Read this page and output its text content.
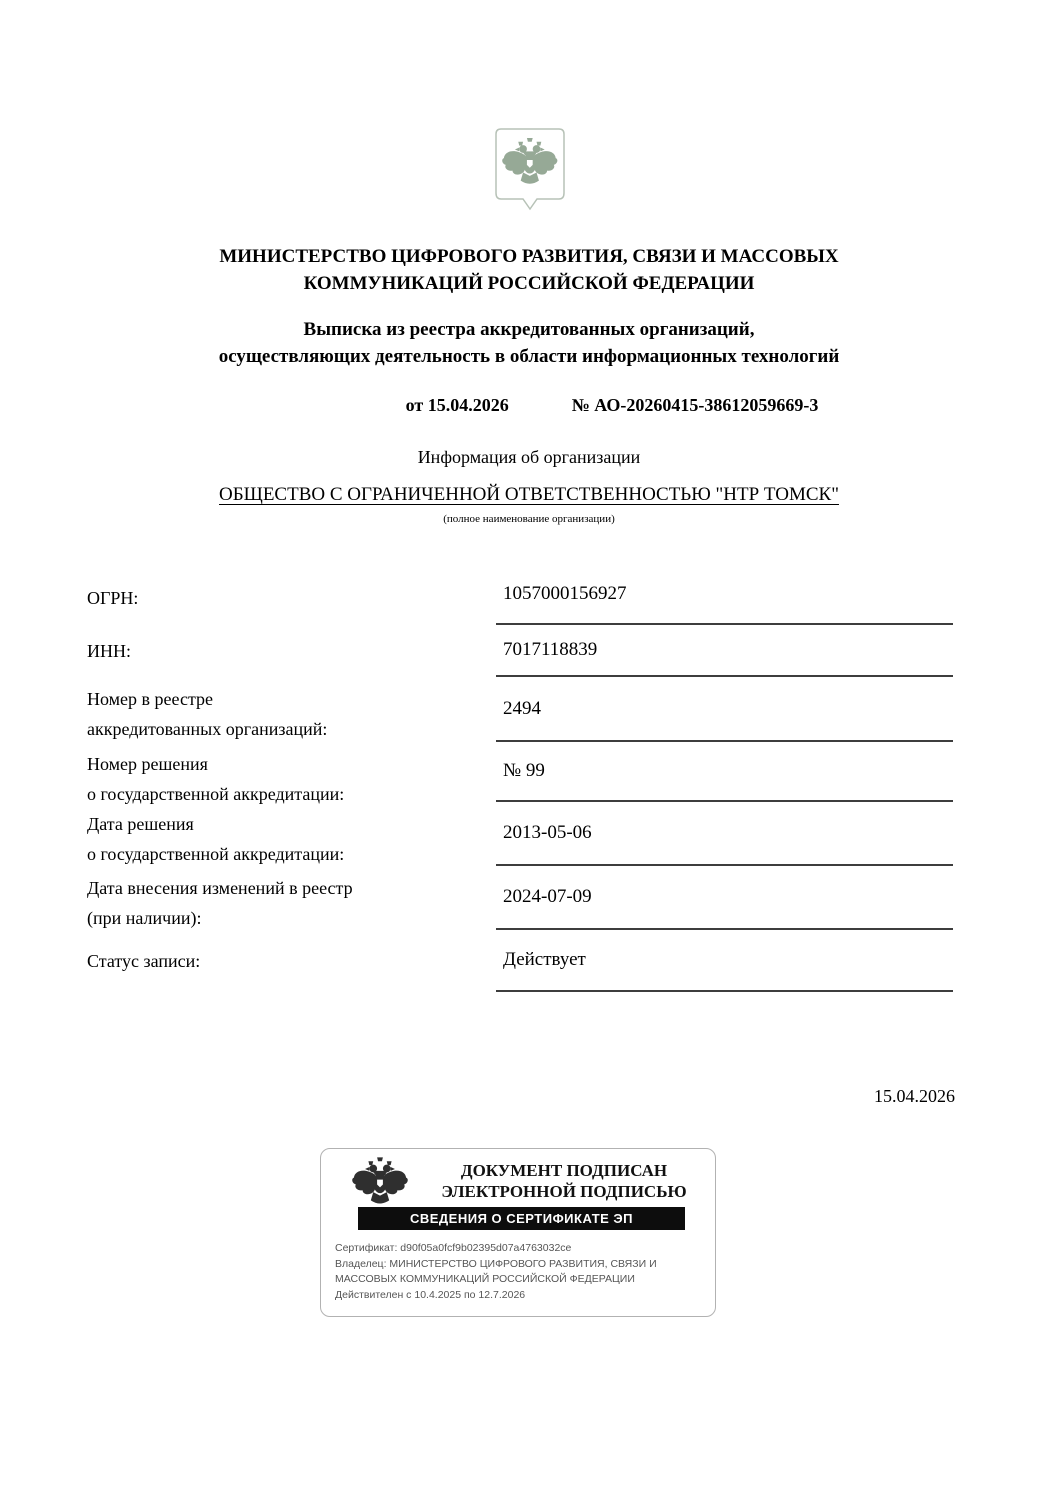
МИНИСТЕРСТВО ЦИФРОВОГО РАЗВИТИЯ, СВЯЗИ И МАССОВЫХ
КОММУНИКАЦИЙ РОССИЙСКОЙ ФЕДЕРАЦИИ
Выписка из реестра аккредитованных организаций,
осуществляющих деятельность в области информационных технологий
от 15.04.2026	№ АО-20260415-38612059669-3
Информация об организации
ОБЩЕСТВО С ОГРАНИЧЕННОЙ ОТВЕТСТВЕННОСТЬЮ "НТР ТОМСК"
(полное наименование организации)
ОГРН:	1057000156927
ИНН:	7017118839
Номер в реестре
аккредитованных организаций:
2494
Номер решения
о государственной аккредитации:
№ 99
Дата решения
о государственной аккредитации:
2013-05-06
Дата внесения изменений в реестр
(при наличии):
2024-07-09
Статус записи:	Действует
15.04.2026
ДОКУМЕНТ ПОДПИСАН
ЭЛЕКТРОННОЙ ПОДПИСЬЮ
СВЕДЕНИЯ О СЕРТИФИКАТЕ ЭП
Сертификат: d90f05a0fcf9b02395d07a4763032ce
Владелец: МИНИСТЕРСТВО ЦИФРОВОГО РАЗВИТИЯ, СВЯЗИ И
МАССОВЫХ КОММУНИКАЦИЙ РОССИЙСКОЙ ФЕДЕРАЦИИ
Действителен с 10.4.2025 по 12.7.2026
